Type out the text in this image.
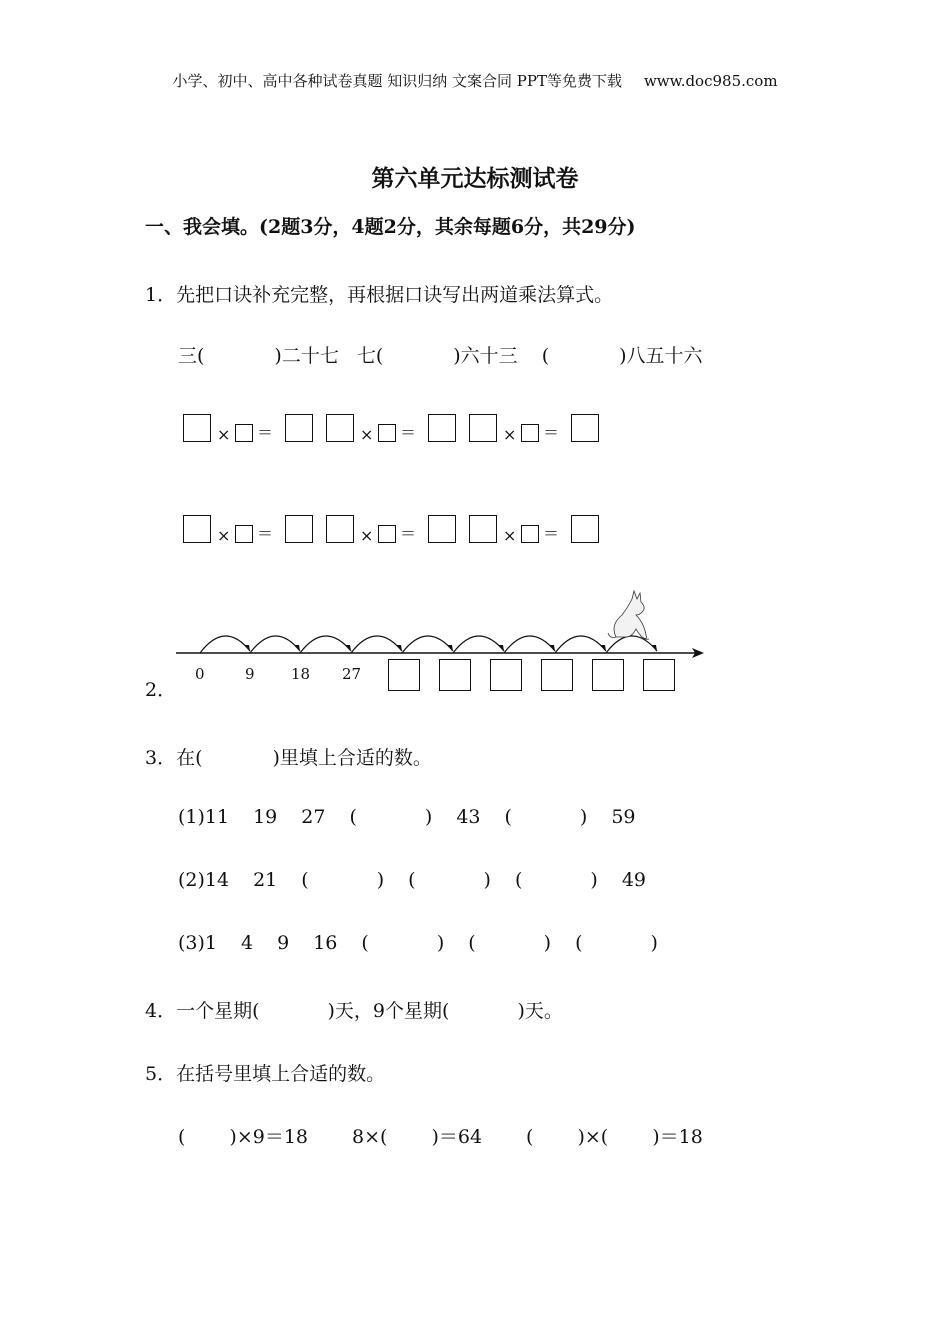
小学、初中、高中各种试卷真题 知识归纳 文案合同 PPT等免费下载 www.doc985.com
第六单元达标测试卷
一、我会填。(2题3分，4题2分，其余每题6分，共29分)
1．先把口诀补充完整，再根据口诀写出两道乘法算式。
三(	)二十七 七(	)六十三 (	)八五十六
× ＝	× ＝	× ＝
× ＝	× ＝	× ＝
2．
0	9 18 27
3．在(	)里填上合适的数。
(1)11 19 27 (	) 43 (	) 59
(2)14 21 (	) (	) (	) 49
(3)1 4 9 16 (	) (	) (	)
4．一个星期(	)天，9个星期(	)天。
5．在括号里填上合适的数。
( )×9＝18 8×( )＝64 ( )×( )＝18
